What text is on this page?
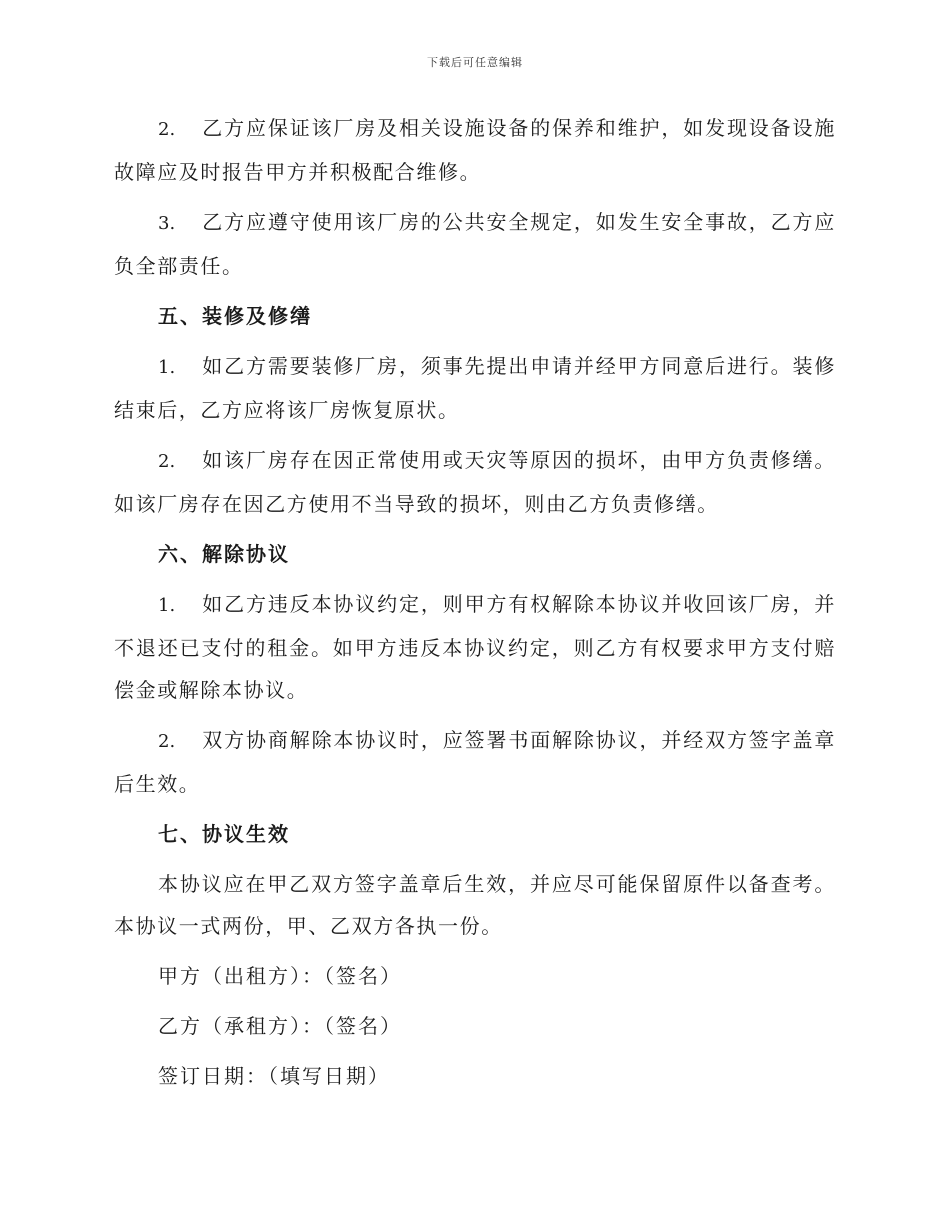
下载后可任意编辑

2. 乙方应保证该厂房及相关设施设备的保养和维护，如发现设备设施故障应及时报告甲方并积极配合维修。

3. 乙方应遵守使用该厂房的公共安全规定，如发生安全事故，乙方应负全部责任。

五、装修及修缮

1. 如乙方需要装修厂房，须事先提出申请并经甲方同意后进行。装修结束后，乙方应将该厂房恢复原状。

2. 如该厂房存在因正常使用或天灾等原因的损坏，由甲方负责修缮。如该厂房存在因乙方使用不当导致的损坏，则由乙方负责修缮。

六、解除协议

1. 如乙方违反本协议约定，则甲方有权解除本协议并收回该厂房，并不退还已支付的租金。如甲方违反本协议约定，则乙方有权要求甲方支付赔偿金或解除本协议。

2. 双方协商解除本协议时，应签署书面解除协议，并经双方签字盖章后生效。

七、协议生效

本协议应在甲乙双方签字盖章后生效，并应尽可能保留原件以备查考。本协议一式两份，甲、乙双方各执一份。

甲方（出租方）：（签名）
乙方（承租方）：（签名）
签订日期：（填写日期）
